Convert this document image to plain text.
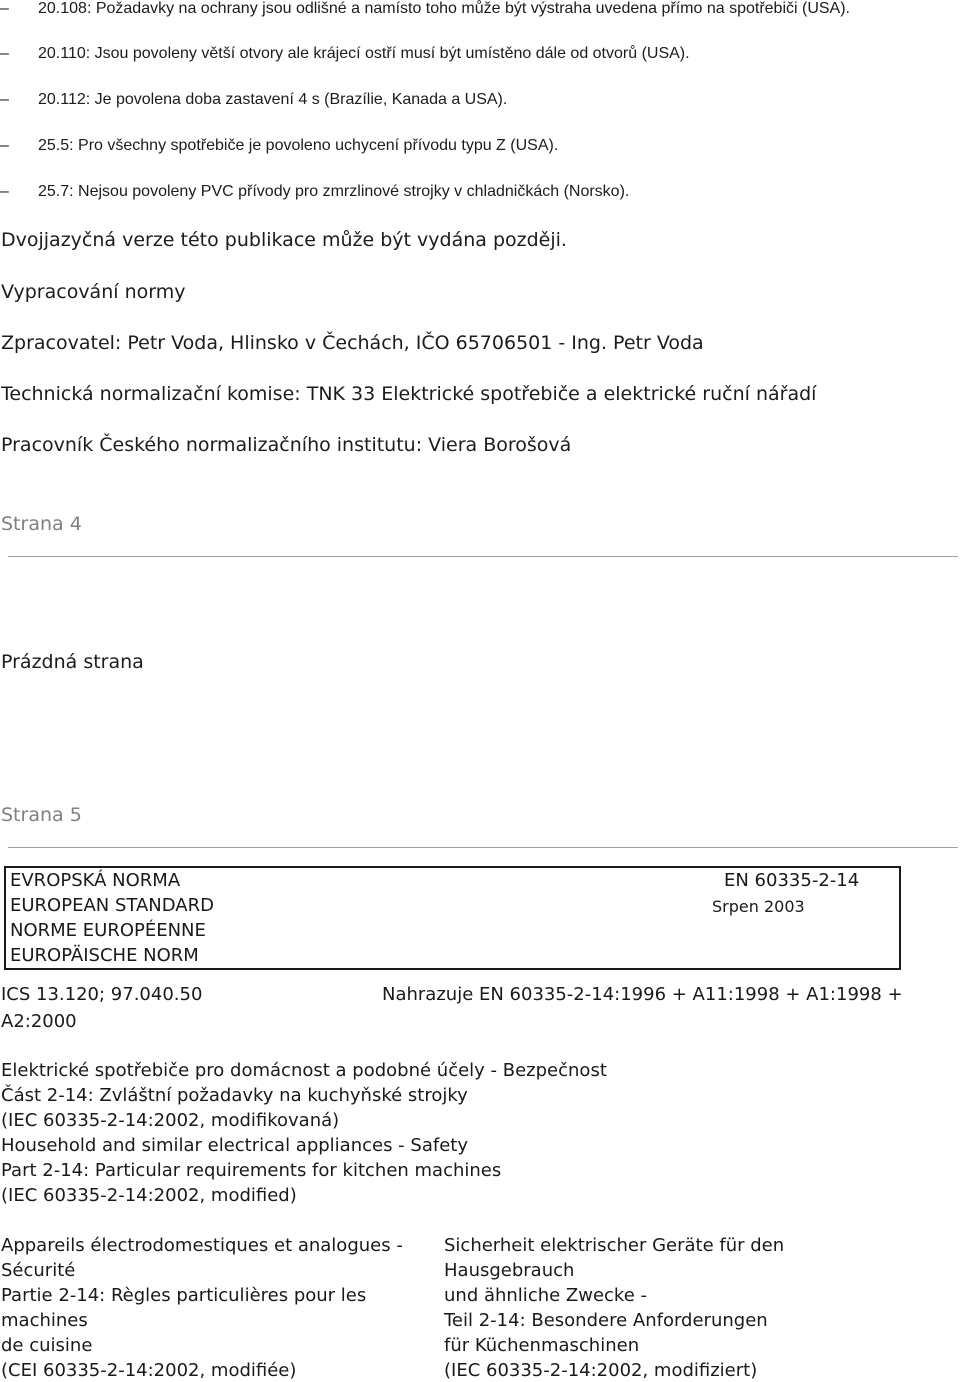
– 20.108: Požadavky na ochrany jsou odlišné a namísto toho může být výstraha uvedena přímo na spotřebiči (USA).
– 20.110: Jsou povoleny větší otvory ale krájecí ostří musí být umístěno dále od otvorů (USA).
– 20.112: Je povolena doba zastavení 4 s (Brazílie, Kanada a USA).
– 25.5: Pro všechny spotřebiče je povoleno uchycení přívodu typu Z (USA).
– 25.7: Nejsou povoleny PVC přívody pro zmrzlinové strojky v chladničkách (Norsko).
Dvojjazyčná verze této publikace může být vydána později.
Vypracování normy
Zpracovatel: Petr Voda, Hlinsko v Čechách, IČO 65706501 - Ing. Petr Voda
Technická normalizační komise: TNK 33 Elektrické spotřebiče a elektrické ruční nářadí
Pracovník Českého normalizačního institutu: Viera Borošová
Strana 4
Prázdná strana
Strana 5
EVROPSKÁ NORMA
EUROPEAN STANDARD
NORME EUROPÉENNE
EUROPÄISCHE NORM
EN 60335-2-14
Srpen 2003
ICS 13.120; 97.040.50	Nahrazuje EN 60335-2-14:1996 + A11:1998 + A1:1998 +
A2:2000
Elektrické spotřebiče pro domácnost a podobné účely - Bezpečnost
Část 2-14: Zvláštní požadavky na kuchyňské strojky
(IEC 60335-2-14:2002, modifikovaná)
Household and similar electrical appliances - Safety
Part 2-14: Particular requirements for kitchen machines
(IEC 60335-2-14:2002, modified)
Appareils électrodomestiques et analogues -
Sécurité
Partie 2-14: Règles particulières pour les
machines
de cuisine
(CEI 60335-2-14:2002, modifiée)
Sicherheit elektrischer Geräte für den
Hausgebrauch
und ähnliche Zwecke -
Teil 2-14: Besondere Anforderungen
für Küchenmaschinen
(IEC 60335-2-14:2002, modifiziert)
